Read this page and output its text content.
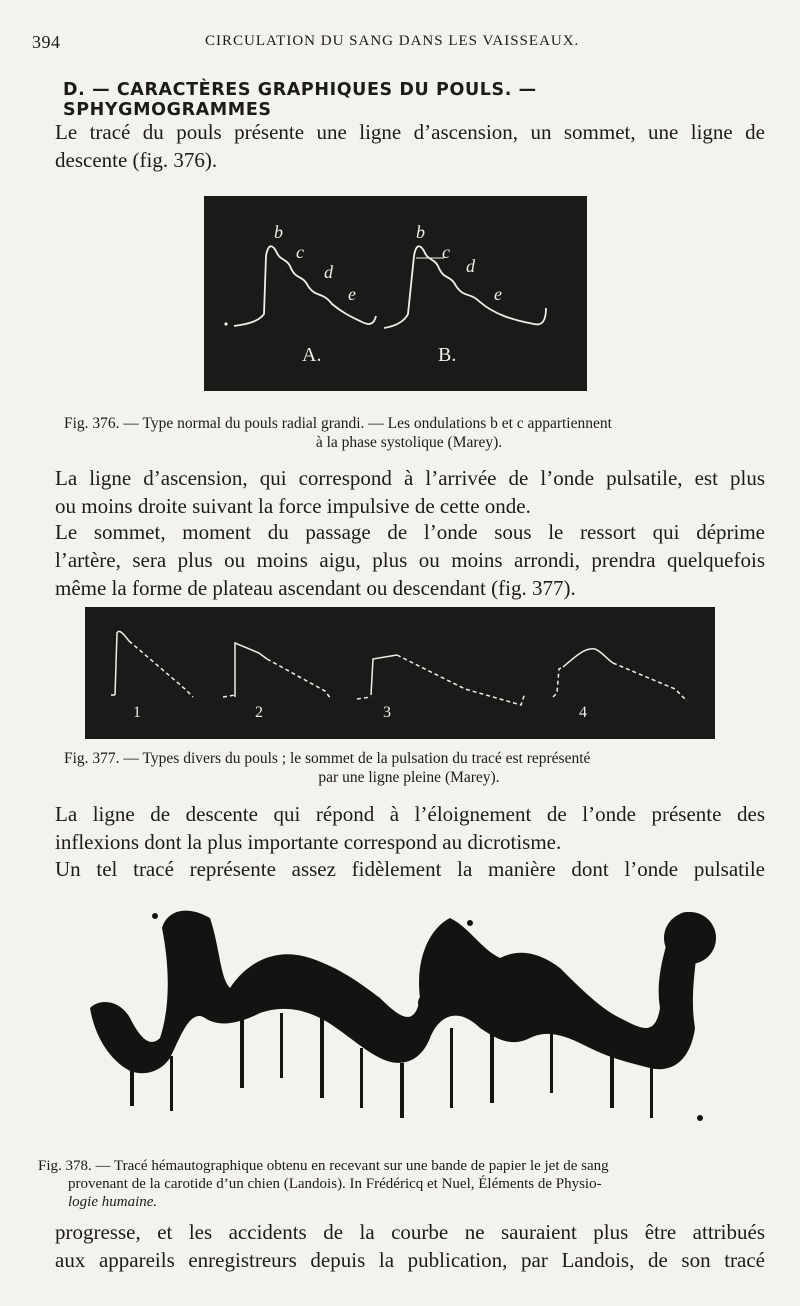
394	CIRCULATION DU SANG DANS LES VAISSEAUX.
D. — CARACTÈRES GRAPHIQUES DU POULS. — SPHYGMOGRAMMES
Le tracé du pouls présente une ligne d’ascension, un sommet, une ligne de
descente (fig. 376).
b
c
d
e
b
c
d
e
A.	B.
Fig. 376. — Type normal du pouls radial grandi. — Les ondulations b et c appartiennent
à la phase systolique (Marey).
La ligne d’ascension, qui correspond à l’arrivée de l’onde pulsatile, est plus
ou moins droite suivant la force impulsive de cette onde.
Le sommet, moment du passage de l’onde sous le ressort qui déprime
l’artère, sera plus ou moins aigu, plus ou moins arrondi, prendra quelquefois
même la forme de plateau ascendant ou descendant (fig. 377).
1	2	3	4
Fig. 377. — Types divers du pouls ; le sommet de la pulsation du tracé est représenté
par une ligne pleine (Marey).
La ligne de descente qui répond à l’éloignement de l’onde présente des
inflexions dont la plus importante correspond au dicrotisme.
Un tel tracé représente assez fidèlement la manière dont l’onde pulsatile
Fig. 378. — Tracé hémautographique obtenu en recevant sur une bande de papier le jet de sang
provenant de la carotide d’un chien (Landois). In Frédéricq et Nuel, Éléments de Physio-
logie humaine.
progresse, et les accidents de la courbe ne sauraient plus être attribués
aux appareils enregistreurs depuis la publication, par Landois, de son tracé
